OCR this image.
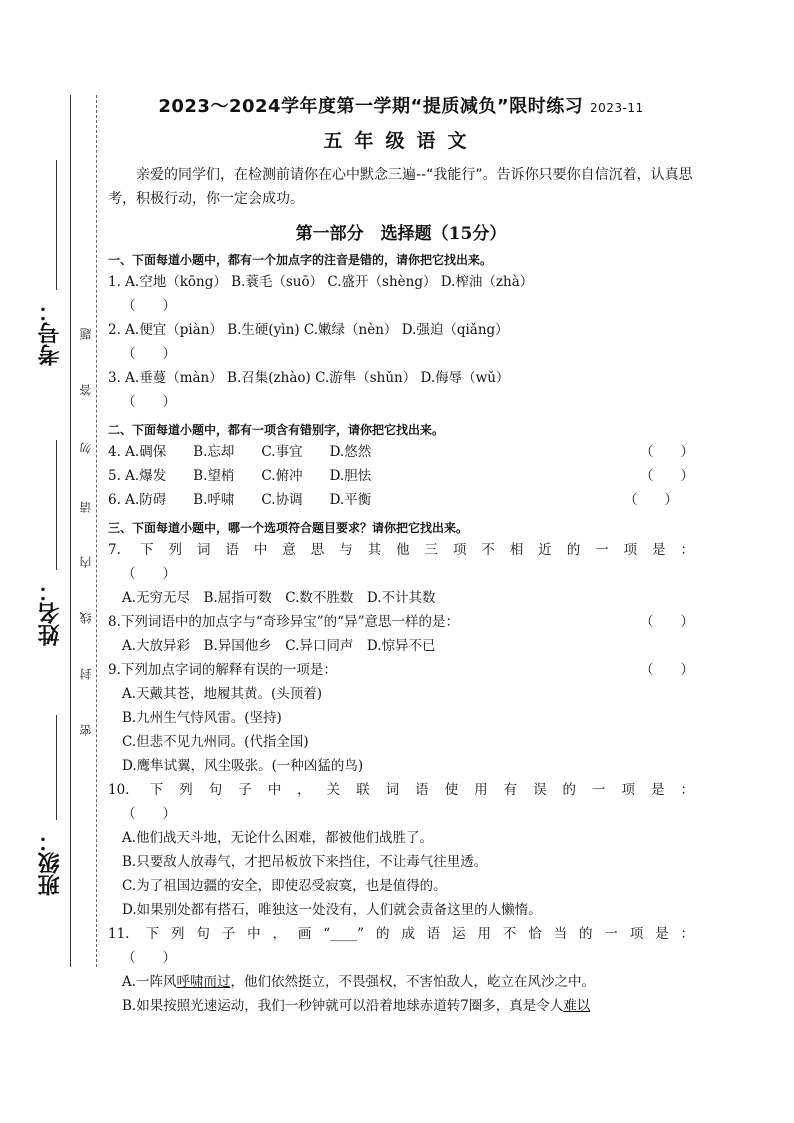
考号：
姓名：
班级：
题
答
勿
请
内
线
封
密
2023～2024学年度第一学期“提质减负”限时练习 2023-11
五年级语文
亲爱的同学们，在检测前请你在心中默念三遍--“我能行”。告诉你只要你自信沉着，认真思考，积极行动，你一定会成功。
第一部分　选择题（15分）
一、下面每道小题中，都有一个加点字的注音是错的，请你把它找出来。
1. A.空地（kōng） B.蓑毛（suō） C.盛开（shèng） D.榨油（zhà）
（　　）
2. A.便宜（piàn） B.生硬(yìn) C.嫩绿（nèn） D.强迫（qiǎng）
（　　）
3. A.垂蔓（màn） B.召集(zhào) C.游隼（shǔn） D.侮辱（wǔ）
（　　）
二、下面每道小题中，都有一项含有错别字，请你把它找出来。
4. A.碉保　　B.忘却　　C.事宜　　D.悠然	（　　）
5. A.爆发　　B.望梢　　C.俯冲　　D.胆怯	（　　）
6. A.防碍　　B.呼啸　　C.协调　　D.平衡	（　　）
三、下面每道小题中，哪一个选项符合题目要求？请你把它找出来。
7. 下列词语中意思与其他三项不相近的一项是：
（　　）
A.无穷无尽　B.屈指可数　C.数不胜数　D.不计其数
8.下列词语中的加点字与“奇珍异宝”的“异”意思一样的是：	（　　）
A.大放异彩　B.异国他乡　C.异口同声　D.惊异不已
9.下列加点字词的解释有误的一项是：	（　　）
A.天戴其苍，地履其黄。(头顶着)
B.九州生气恃风雷。(坚持)
C.但悲不见九州同。(代指全国)
D.鹰隼试翼，风尘吸张。(一种凶猛的鸟)
10. 下列句子中，关联词语使用有误的一项是：
（　　）
A.他们战天斗地，无论什么困难，都被他们战胜了。
B.只要敌人放毒气，才把吊板放下来挡住，不让毒气往里透。
C.为了祖国边疆的安全，即使忍受寂寞，也是值得的。
D.如果别处都有搭石，唯独这一处没有，人们就会责备这里的人懒惰。
11. 下列句子中，画“____”的成语运用不恰当的一项是：
（　　）
A.一阵风呼啸而过，他们依然挺立，不畏强权，不害怕敌人，屹立在风沙之中。
B.如果按照光速运动，我们一秒钟就可以沿着地球赤道转7圈多，真是令人难以
